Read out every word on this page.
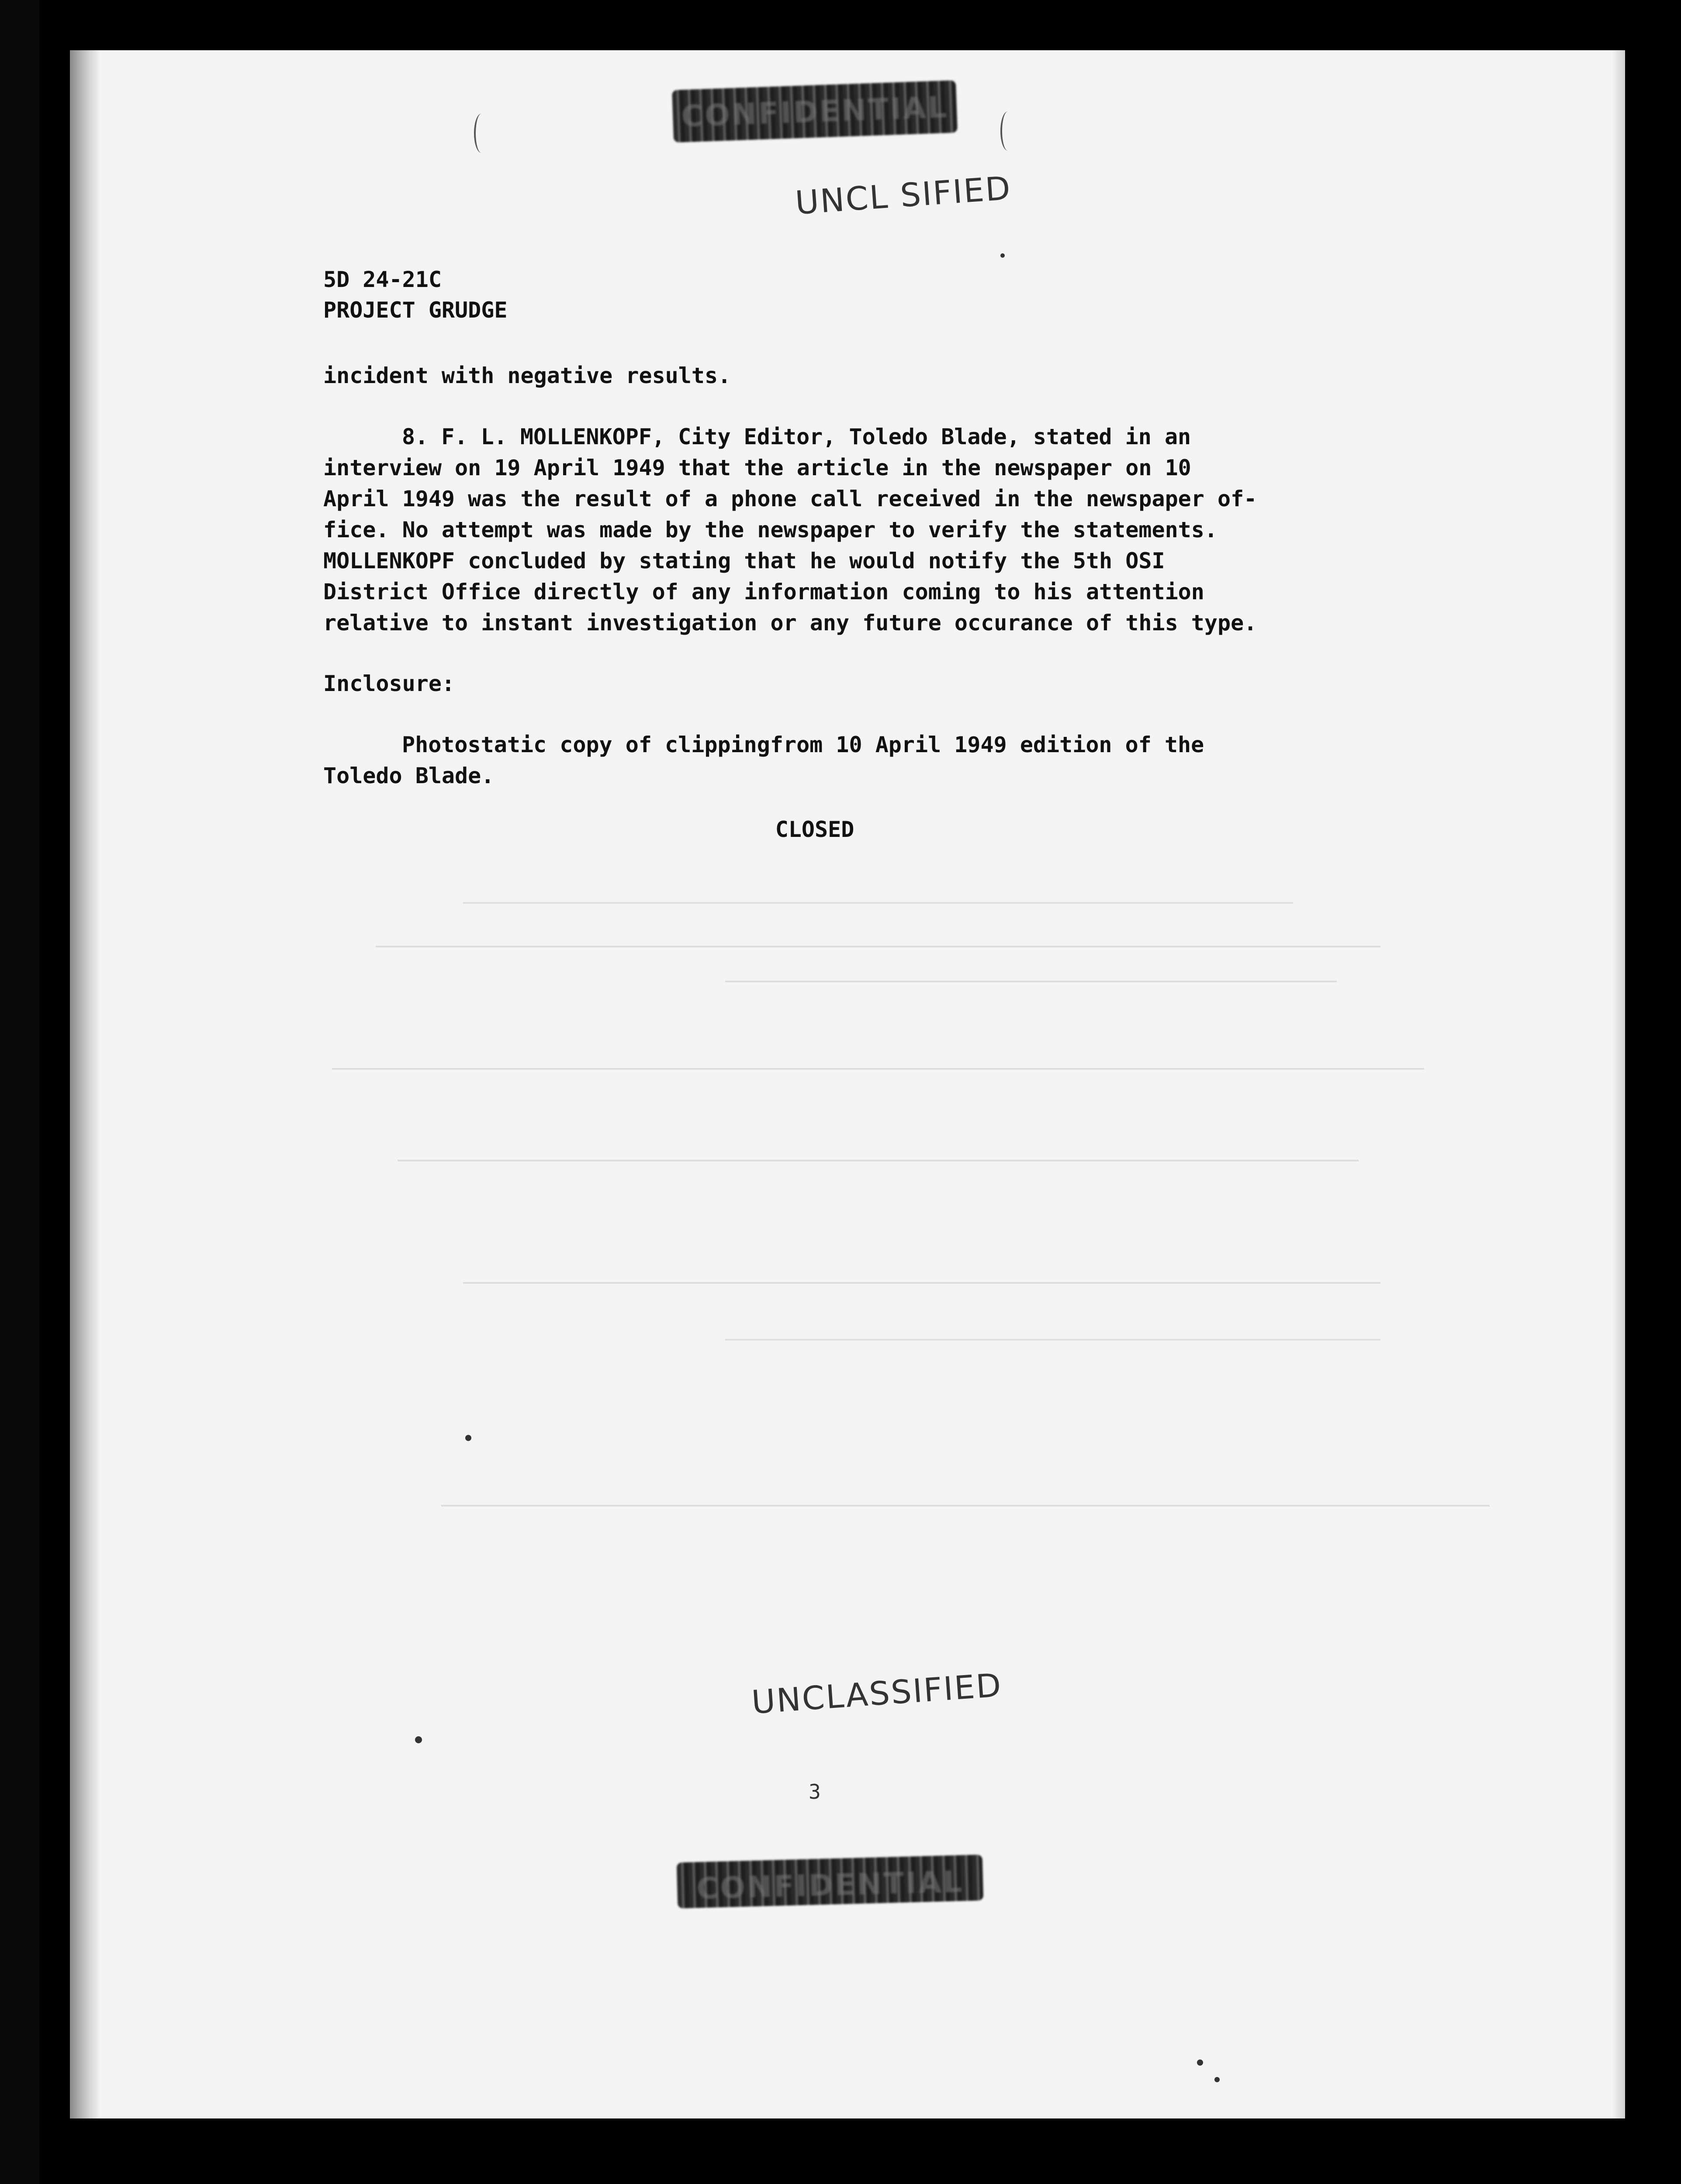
CONFIDENTIAL
UNCL SIFIED
5D 24-21C
PROJECT GRUDGE
incident with negative results.
8. F. L. MOLLENKOPF, City Editor, Toledo Blade, stated in an
interview on 19 April 1949 that the article in the newspaper on 10
April 1949 was the result of a phone call received in the newspaper of-
fice. No attempt was made by the newspaper to verify the statements.
MOLLENKOPF concluded by stating that he would notify the 5th OSI
District Office directly of any information coming to his attention
relative to instant investigation or any future occurance of this type.
Inclosure:
Photostatic copy of clippingfrom 10 April 1949 edition of the
Toledo Blade.
CLOSED
UNCLASSIFIED
3
CONFIDENTIAL
